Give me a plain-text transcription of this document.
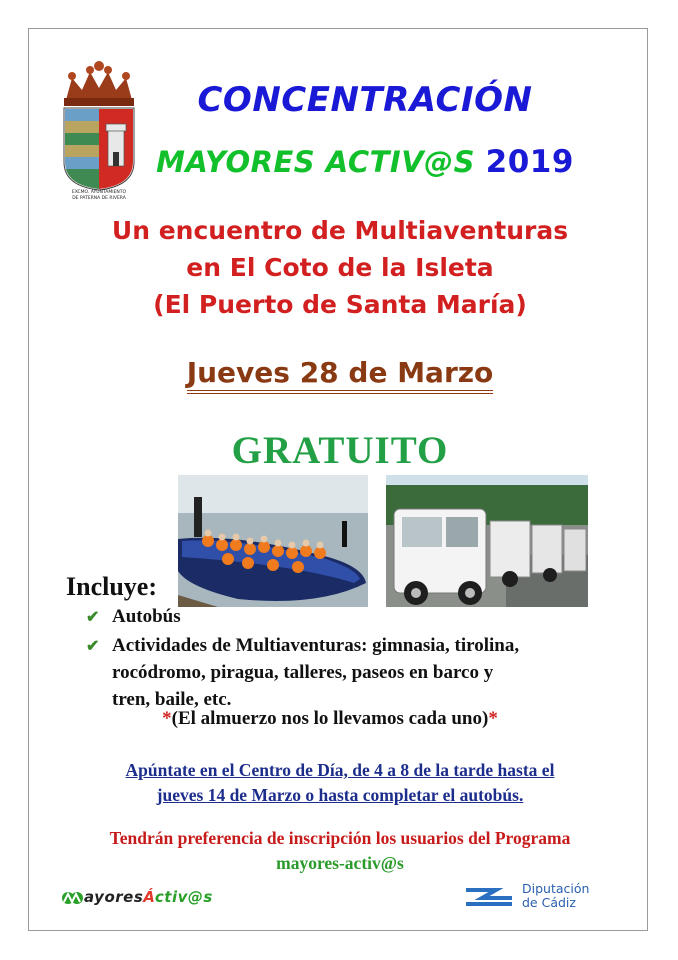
EXCMO. AYUNTAMIENTO
DE PATERNA DE RIVERA
CONCENTRACIÓN
MAYORES ACTIV@S 2019
Un encuentro de Multiaventuras
en El Coto de la Isleta
(El Puerto de Santa María)
Jueves 28 de Marzo
GRATUITO
Incluye:
✔ Autobús
✔ Actividades de Multiaventuras: gimnasia, tirolina,
rocódromo, piragua, talleres, paseos en barco y
tren, baile, etc.
*(El almuerzo nos lo llevamos cada uno)*
Apúntate en el Centro de Día, de 4 a 8 de la tarde hasta el
jueves 14 de Marzo o hasta completar el autobús.
Tendrán preferencia de inscripción los usuarios del Programa
mayores-activ@s
ayoresÁctiv@s	Diputación
de Cádiz
